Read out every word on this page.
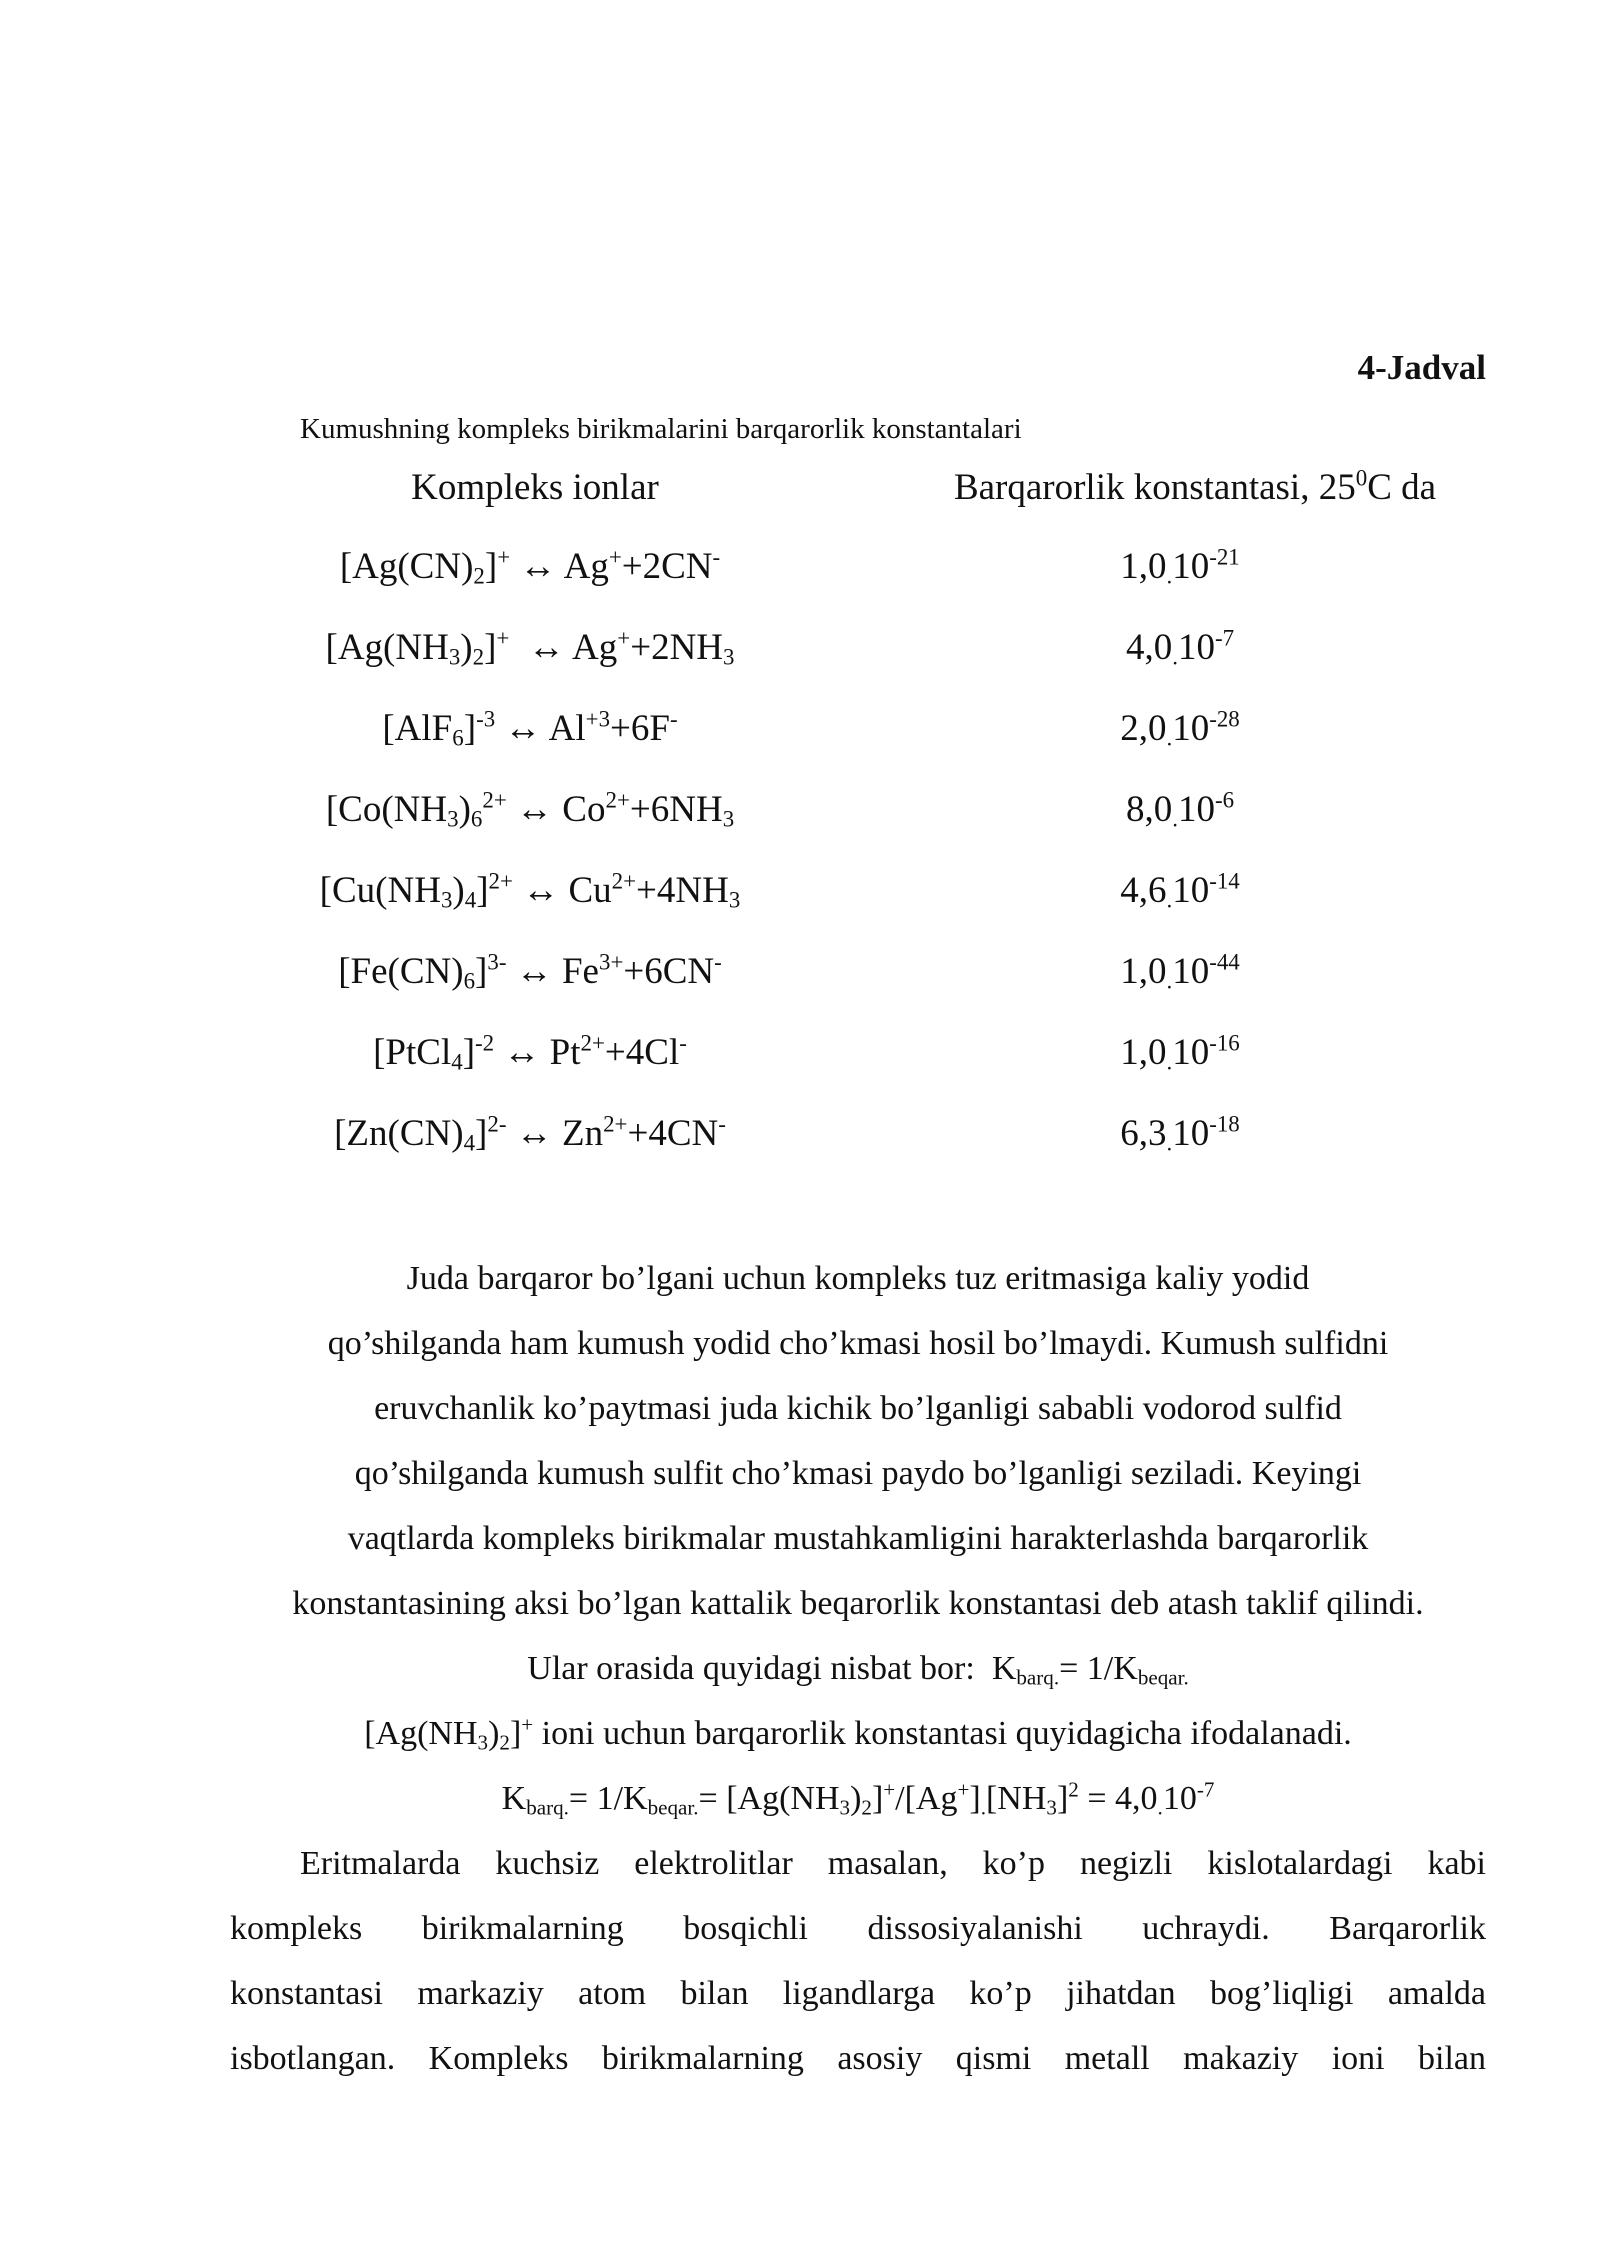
4-Jadval
Kumushning kompleks birikmalarini barqarorlik konstantalari
Kompleks ionlar	Barqarorlik konstantasi, $25^0C$ da
$[Ag(CN)_2]^+$ ↔ Ag++2CN-	$1,0_.10^{-21}$
$[Ag(NH_3)_2]^+$ ↔ $Ag^++2NH_3$	$4,0_.10^{-7}$
$[AlF_6]^{-3}$ ↔ $Al^{+3}+6F^-$	$2,0_.10^{-28}$
[$Co(NH_3)_6^{2+}$ ↔ $Co^{2+}+6NH_3$	$8,0_.10^{-6}$
$[Cu(NH_3)_4]^{2+}$ ↔ $Cu^{2+}+4NH_3$	$4,6_.10^{-14}$
$[Fe(CN)_6]^{3-}$ ↔ $Fe^{3+}+6CN^-$	$1,0_.10^{-44}$
[PtCl$_4$]$^{-2}$ ↔ $Pt^{2+}+4Cl^-$	$1,0_.10^{-16}$
$[Zn(CN)_4]^{2-}$ ↔ $Zn^{2+}+4CN^-$	$6,3_.10^{-18}$
Juda barqaror bo’lgani uchun kompleks tuz eritmasiga kaliy yodid
qo’shilganda ham kumush yodid cho’kmasi hosil bo’lmaydi. Kumush sulfidni
eruvchanlik ko’paytmasi juda kichik bo’lganligi sababli vodorod sulfid
qo’shilganda kumush sulfit cho’kmasi paydo bo’lganligi seziladi. Keyingi
vaqtlarda kompleks birikmalar mustahkamligini harakterlashda barqarorlik
konstantasining aksi bo’lgan kattalik beqarorlik konstantasi deb atash taklif qilindi.
Ular orasida quyidagi nisbat bor: $K_{barq.}= 1/K_{beqar.}$
$[Ag(NH_3)_2]^+$ ioni uchun barqarorlik konstantasi quyidagicha ifodalanadi.
$K_{barq.}= 1/K_{beqar.}= [Ag(NH_3)_2]^+/[Ag^+]_.[NH_3]^2 = 4,0_.10^{-7}$
Eritmalarda kuchsiz elektrolitlar masalan, ko’p negizli kislotalardagi kabi
kompleks birikmalarning bosqichli dissosiyalanishi uchraydi. Barqarorlik
konstantasi markaziy atom bilan ligandlarga ko’p jihatdan bog’liqligi amalda
isbotlangan. Kompleks birikmalarning asosiy qismi metall makaziy ioni bilan
